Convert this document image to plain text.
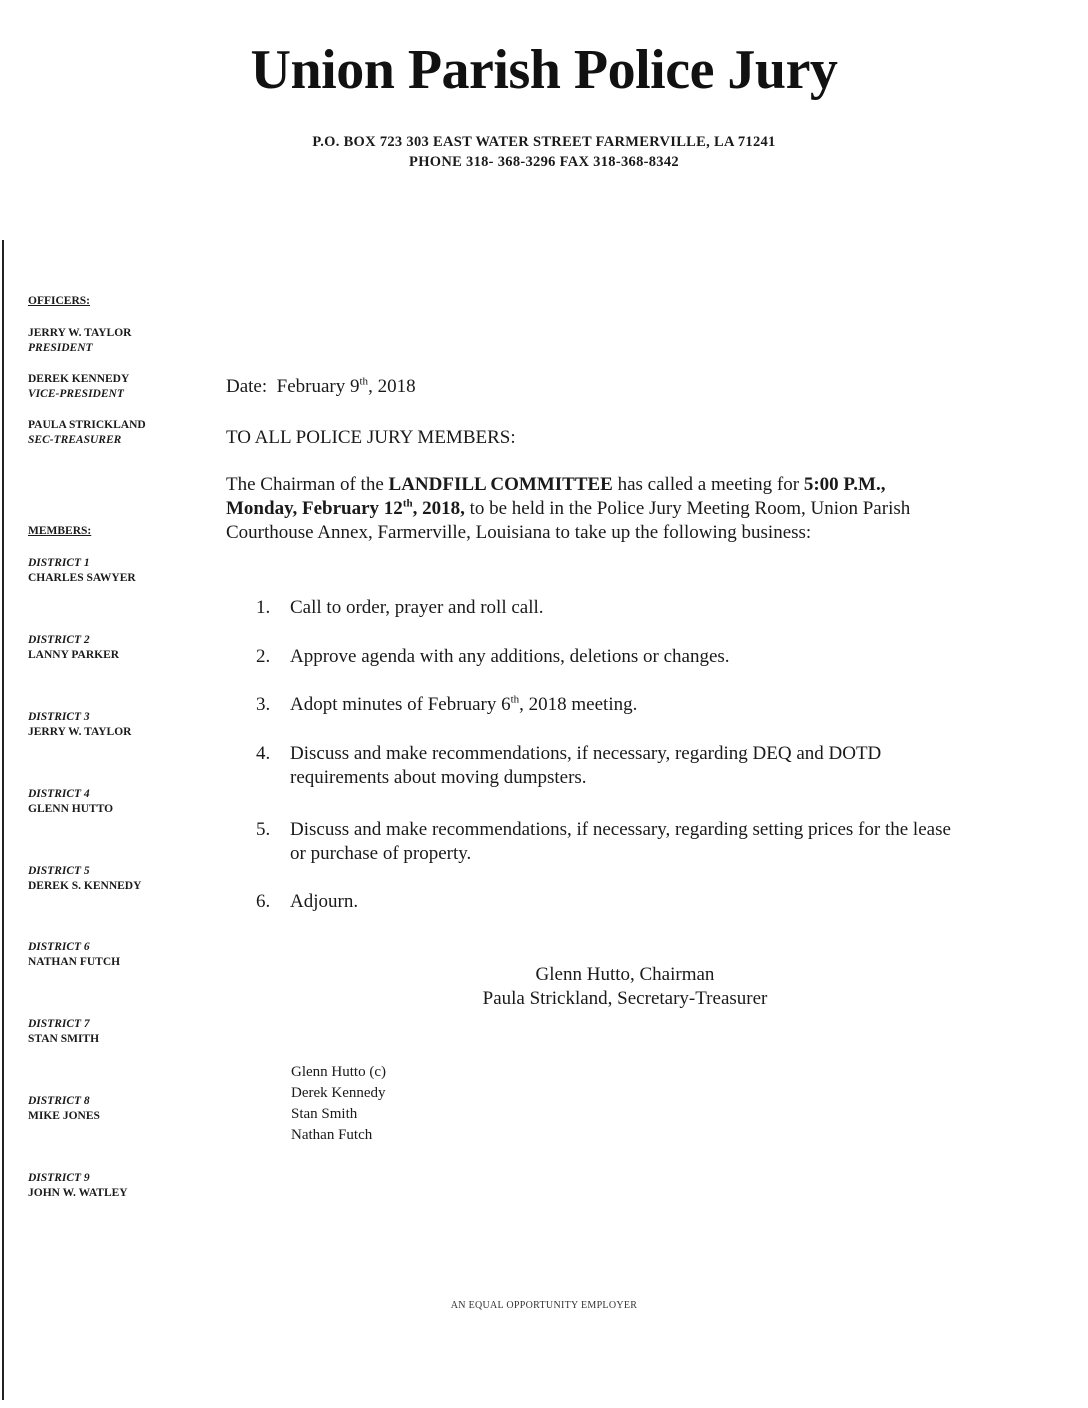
Union Parish Police Jury
P.O. BOX 723 303 EAST WATER STREET FARMERVILLE, LA 71241
PHONE 318- 368-3296 FAX 318-368-8342
OFFICERS:
JERRY W. TAYLOR
PRESIDENT
DEREK KENNEDY
VICE-PRESIDENT
PAULA STRICKLAND
SEC-TREASURER
MEMBERS:
DISTRICT 1
CHARLES SAWYER
DISTRICT 2
LANNY PARKER
DISTRICT 3
JERRY W. TAYLOR
DISTRICT 4
GLENN HUTTO
DISTRICT 5
DEREK S. KENNEDY
DISTRICT 6
NATHAN FUTCH
DISTRICT 7
STAN SMITH
DISTRICT 8
MIKE JONES
DISTRICT 9
JOHN W. WATLEY
Date: February 9th, 2018
TO ALL POLICE JURY MEMBERS:
The Chairman of the LANDFILL COMMITTEE has called a meeting for 5:00 P.M., Monday, February 12th, 2018, to be held in the Police Jury Meeting Room, Union Parish Courthouse Annex, Farmerville, Louisiana to take up the following business:
1. Call to order, prayer and roll call.
2. Approve agenda with any additions, deletions or changes.
3. Adopt minutes of February 6th, 2018 meeting.
4. Discuss and make recommendations, if necessary, regarding DEQ and DOTD requirements about moving dumpsters.
5. Discuss and make recommendations, if necessary, regarding setting prices for the lease or purchase of property.
6. Adjourn.
Glenn Hutto, Chairman
Paula Strickland, Secretary-Treasurer
Glenn Hutto (c)
Derek Kennedy
Stan Smith
Nathan Futch
AN EQUAL OPPORTUNITY EMPLOYER
